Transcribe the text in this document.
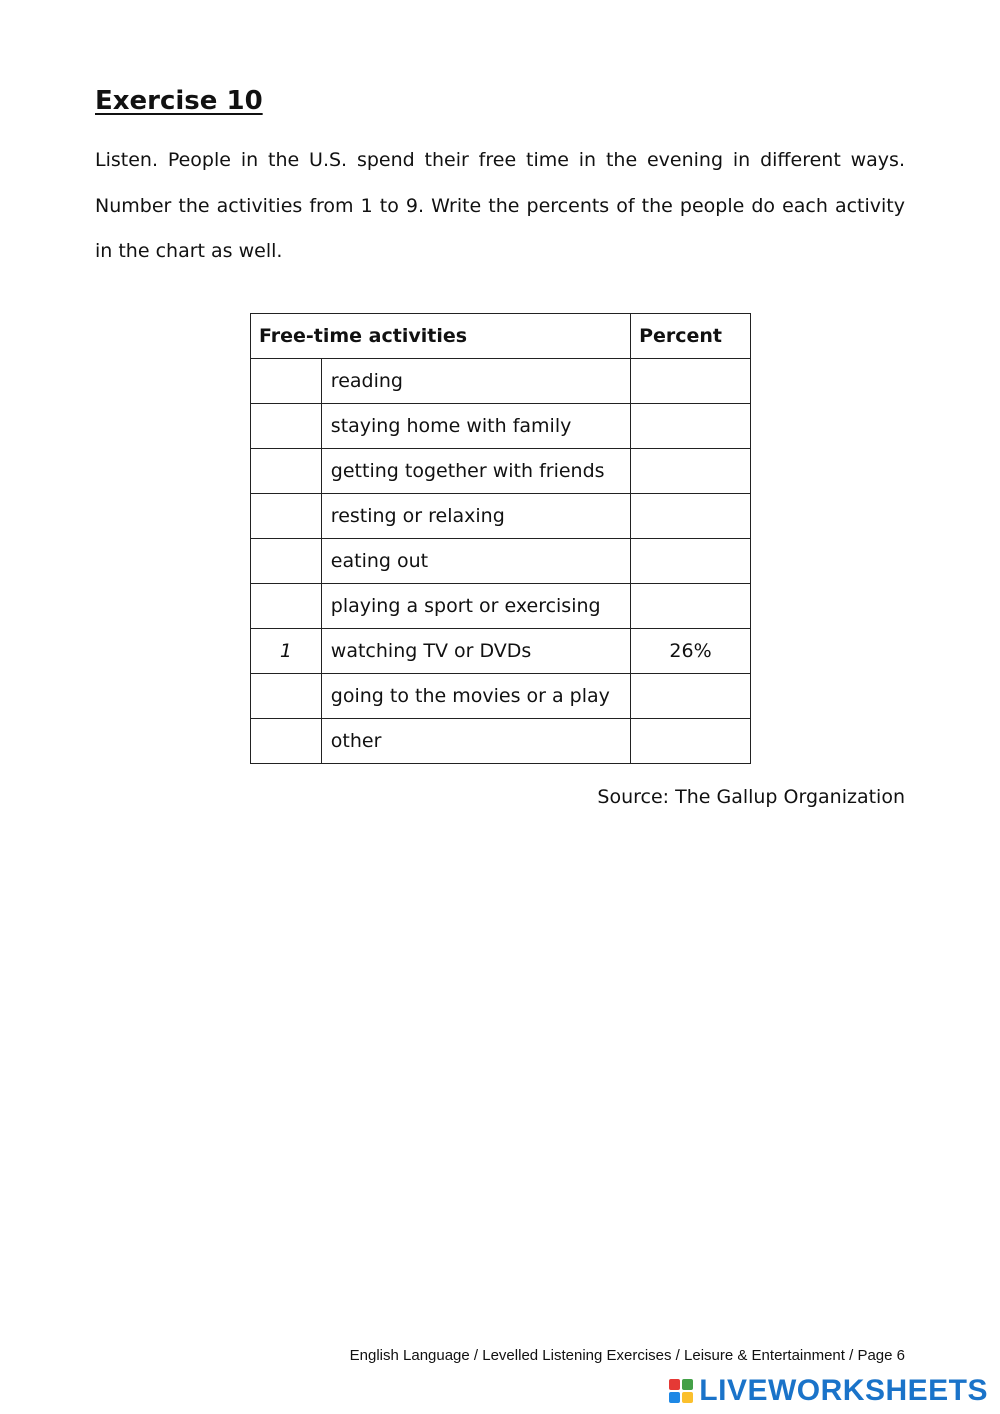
Exercise 10

Listen. People in the U.S. spend their free time in the evening in different ways. Number the activities from 1 to 9. Write the percents of the people do each activity in the chart as well.

Free-time activities		Percent
	reading	
	staying home with family	
	getting together with friends	
	resting or relaxing	
	eating out	
	playing a sport or exercising	
1	watching TV or DVDs	26%
	going to the movies or a play	
	other	

Source: The Gallup Organization

English Language / Levelled Listening Exercises / Leisure & Entertainment / Page 6

LIVEWORKSHEETS
